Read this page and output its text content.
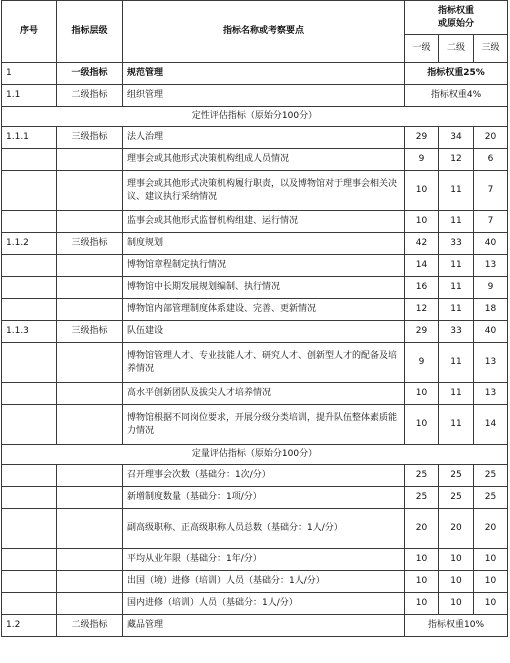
序号	指标层级	指标名称或考察要点	指标权重
或原始分		

			一级	二级	三级
1	一级指标	规范管理	指标权重25%		
1.1	二级指标	组织管理	指标权重4%		
定性评估指标（原始分100分）					
1.1.1	三级指标	法人治理	29	34	20
		理事会或其他形式决策机构组成人员情况	9	12	6
		理事会或其他形式决策机构履行职责，以及博物馆对于理事会相关决议、建议执行采纳情况	10	11	7
		监事会或其他形式监督机构组建、运行情况	10	11	7
1.1.2	三级指标	制度规划	42	33	40
		博物馆章程制定执行情况	14	11	13
		博物馆中长期发展规划编制、执行情况	16	11	9
		博物馆内部管理制度体系建设、完善、更新情况	12	11	18
1.1.3	三级指标	队伍建设	29	33	40
		博物馆管理人才、专业技能人才、研究人才、创新型人才的配备及培养情况	9	11	13
		高水平创新团队及拔尖人才培养情况	10	11	13
		博物馆根据不同岗位要求，开展分级分类培训，提升队伍整体素质能力情况	10	11	14
定量评估指标（原始分100分）					
		召开理事会次数（基础分：1次/分）	25	25	25
		新增制度数量（基础分：1项/分）	25	25	25
		副高级职称、正高级职称人员总数（基础分：1人/分）	20	20	20
		平均从业年限（基础分：1年/分）	10	10	10
		出国（境）进修（培训）人员（基础分：1人/分）	10	10	10
		国内进修（培训）人员（基础分：1人/分）	10	10	10
1.2	二级指标	藏品管理	指标权重10%		
